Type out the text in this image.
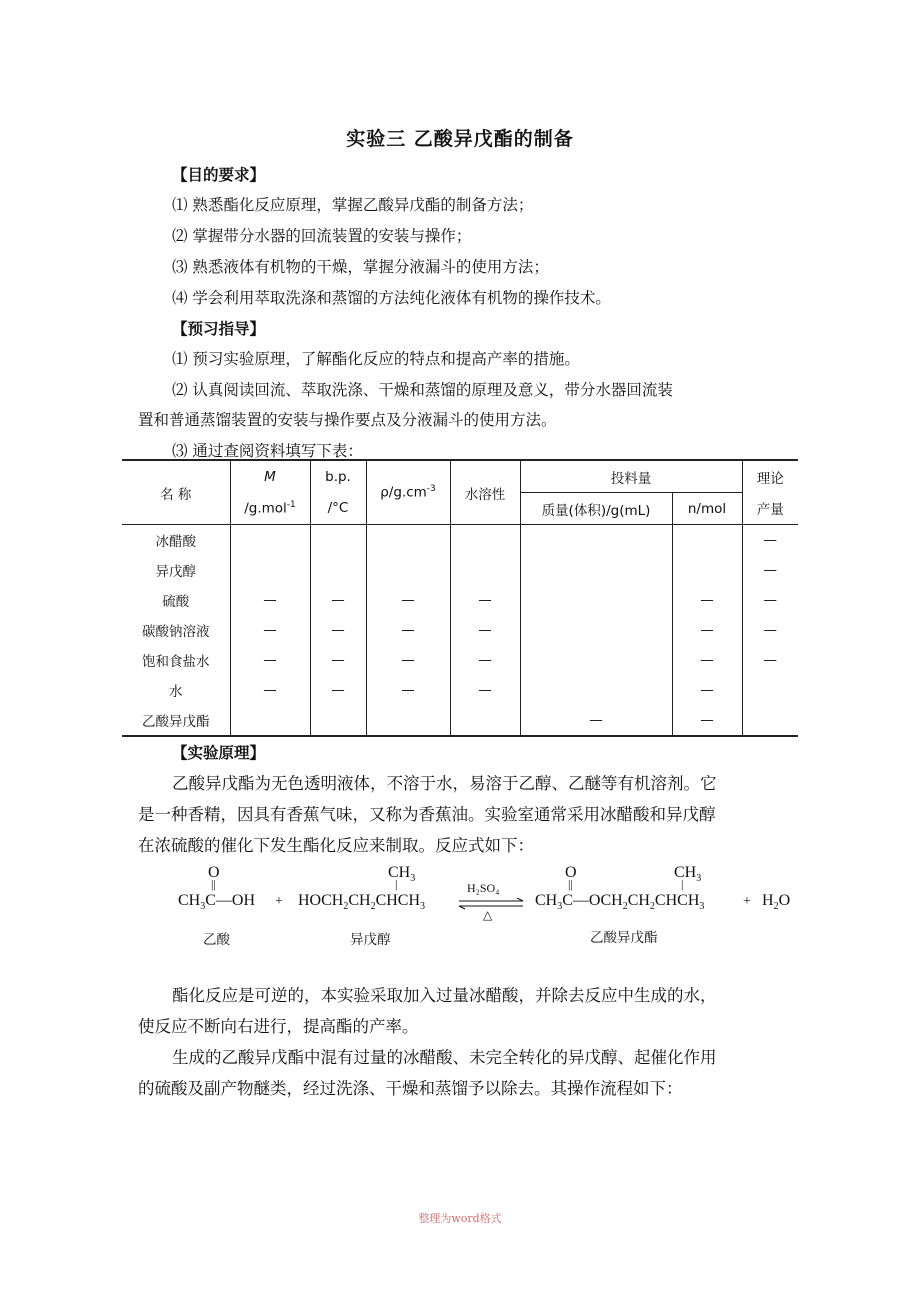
实验三 乙酸异戊酯的制备
【目的要求】
⑴ 熟悉酯化反应原理，掌握乙酸异戊酯的制备方法；
⑵ 掌握带分水器的回流装置的安装与操作；
⑶ 熟悉液体有机物的干燥，掌握分液漏斗的使用方法；
⑷ 学会利用萃取洗涤和蒸馏的方法纯化液体有机物的操作技术。
【预习指导】
⑴ 预习实验原理，了解酯化反应的特点和提高产率的措施。
⑵ 认真阅读回流、萃取洗涤、干燥和蒸馏的原理及意义，带分水器回流装
置和普通蒸馏装置的安装与操作要点及分液漏斗的使用方法。
⑶ 通过查阅资料填写下表：
名 称	M	b.p.	$\rho/g.cm^{-3}$	水溶性	投料量		理论
	/g.mol$^{-1}$	/°C			质量(体积)/g(mL)	n/mol	产量
冰醋酸							—
异戊醇							—
硫酸	—	—	—	—		—	—
碳酸钠溶液	—	—	—	—		—	—
饱和食盐水	—	—	—	—		—	—
水	—	—	—	—		—	
乙酸异戊酯					—	—	
【实验原理】
乙酸异戊酯为无色透明液体，不溶于水，易溶于乙醇、乙醚等有机溶剂。它
是一种香精，因具有香蕉气味，又称为香蕉油。实验室通常采用冰醋酸和异戊醇
在浓硫酸的催化下发生酯化反应来制取。反应式如下：
O
||
$CH_3C—OH$ +
$CH_3$
|
$HOCH_2CH_2CHCH_3$
H₂SO₄
△
O
||
$CH_3$
|
$CH_3C—OCH_2CH_2CHCH_3$	+ $H_2O$
乙酸	异戊醇	乙酸异戊酯
酯化反应是可逆的，本实验采取加入过量冰醋酸，并除去反应中生成的水，
使反应不断向右进行，提高酯的产率。
生成的乙酸异戊酯中混有过量的冰醋酸、未完全转化的异戊醇、起催化作用
的硫酸及副产物醚类，经过洗涤、干燥和蒸馏予以除去。其操作流程如下：
整理为word格式
